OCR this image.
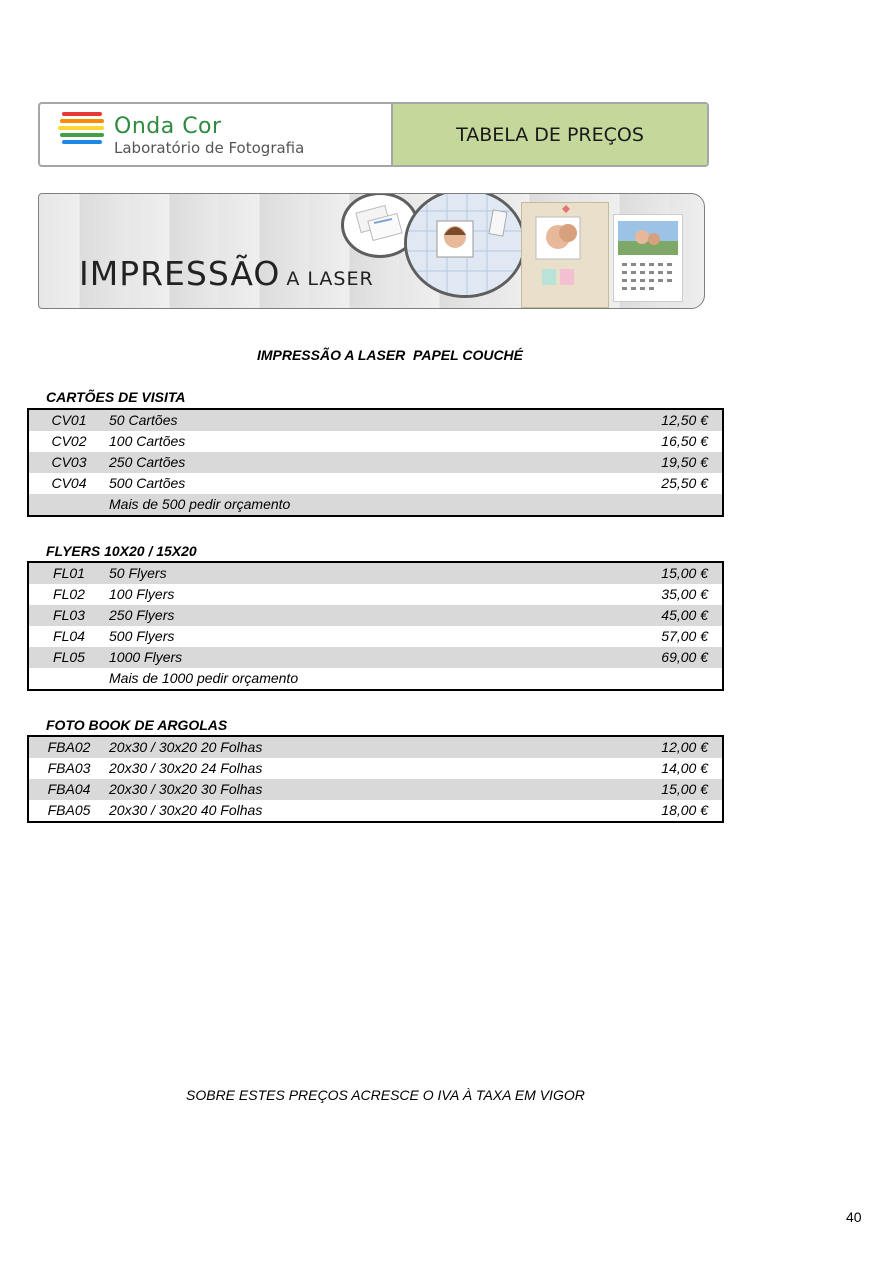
Onda Cor
Laboratório de Fotografia
TABELA DE PREÇOS
IMPRESSÃO A LASER
IMPRESSÃO A LASER  PAPEL COUCHÉ
CARTÕES DE VISITA
CV01	50 Cartões	12,50 €
CV02	100 Cartões	16,50 €
CV03	250 Cartões	19,50 €
CV04	500 Cartões	25,50 €
	Mais de 500 pedir orçamento	
FLYERS 10X20 / 15X20
FL01	50 Flyers	15,00 €
FL02	100 Flyers	35,00 €
FL03	250 Flyers	45,00 €
FL04	500 Flyers	57,00 €
FL05	1000 Flyers	69,00 €
	Mais de 1000 pedir orçamento	
FOTO BOOK DE ARGOLAS
FBA02	20x30 / 30x20 20 Folhas	12,00 €
FBA03	20x30 / 30x20 24 Folhas	14,00 €
FBA04	20x30 / 30x20 30 Folhas	15,00 €
FBA05	20x30 / 30x20 40 Folhas	18,00 €
SOBRE ESTES PREÇOS ACRESCE O IVA À TAXA EM VIGOR
40
